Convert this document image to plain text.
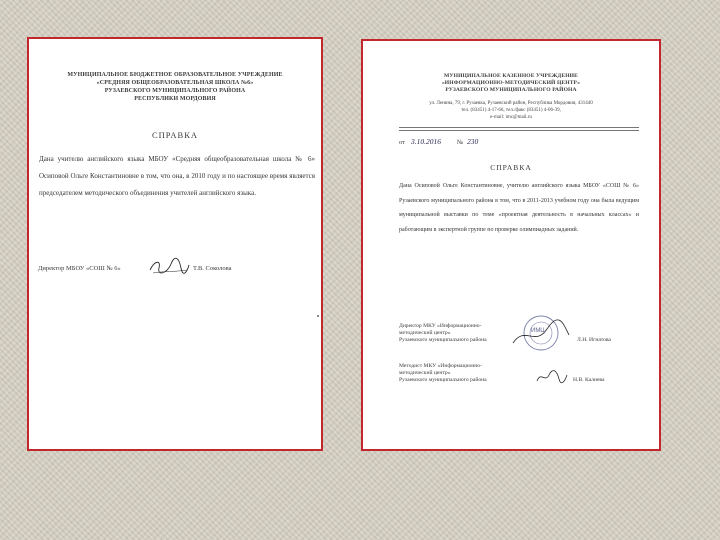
МУНИЦИПАЛЬНОЕ БЮДЖЕТНОЕ ОБРАЗОВАТЕЛЬНОЕ УЧРЕЖДЕНИЕ

«СРЕДНЯЯ ОБЩЕОБРАЗОВАТЕЛЬНАЯ ШКОЛА №6»

РУЗАЕВСКОГО МУНИЦИПАЛЬНОГО РАЙОНА

РЕСПУБЛИКИ МОРДОВИЯ

СПРАВКА

Дана учителю английского языка МБОУ «Средняя общеобразовательная школа № 6» Осиповой Ольге Константиновне в том, что она, в 2010 году и по настоящее время является председателем методического объединения учителей английского языка.

Директор МБОУ «СОШ № 6»	Т.В. Соколова

МУНИЦИПАЛЬНОЕ КАЗЕННОЕ УЧРЕЖДЕНИЕ

«ИНФОРМАЦИОННО-МЕТОДИЧЕСКИЙ ЦЕНТР»

РУЗАЕВСКОГО МУНИЦИПАЛЬНОГО РАЙОНА

ул. Ленина, 79, г. Рузаевка, Рузаевский район, Республика Мордовия, 431440

тел. (83451) 4-17-66, тел./факс (83451) 4-06-39,

e-mail: imc@mail.ru

от 3.10.2016 № 230

СПРАВКА

Дана Осиповой Ольге Константиновне, учителю английского языка МБОУ «СОШ № 6» Рузаевского муниципального района в том, что в 2011-2013 учебном году она была ведущим муниципальной выставки по теме «проектная деятельность в начальных классах» и работающим в экспертной группе по проверке олимпиадных заданий.

Директор МКУ «Информационно-

методический центр»

Рузаевского муниципального района

ИМЦ

Л.Н. Игнатова

Методист МКУ «Информационно-

методический центр»

Рузаевского муниципального района	Н.В. Калиева
